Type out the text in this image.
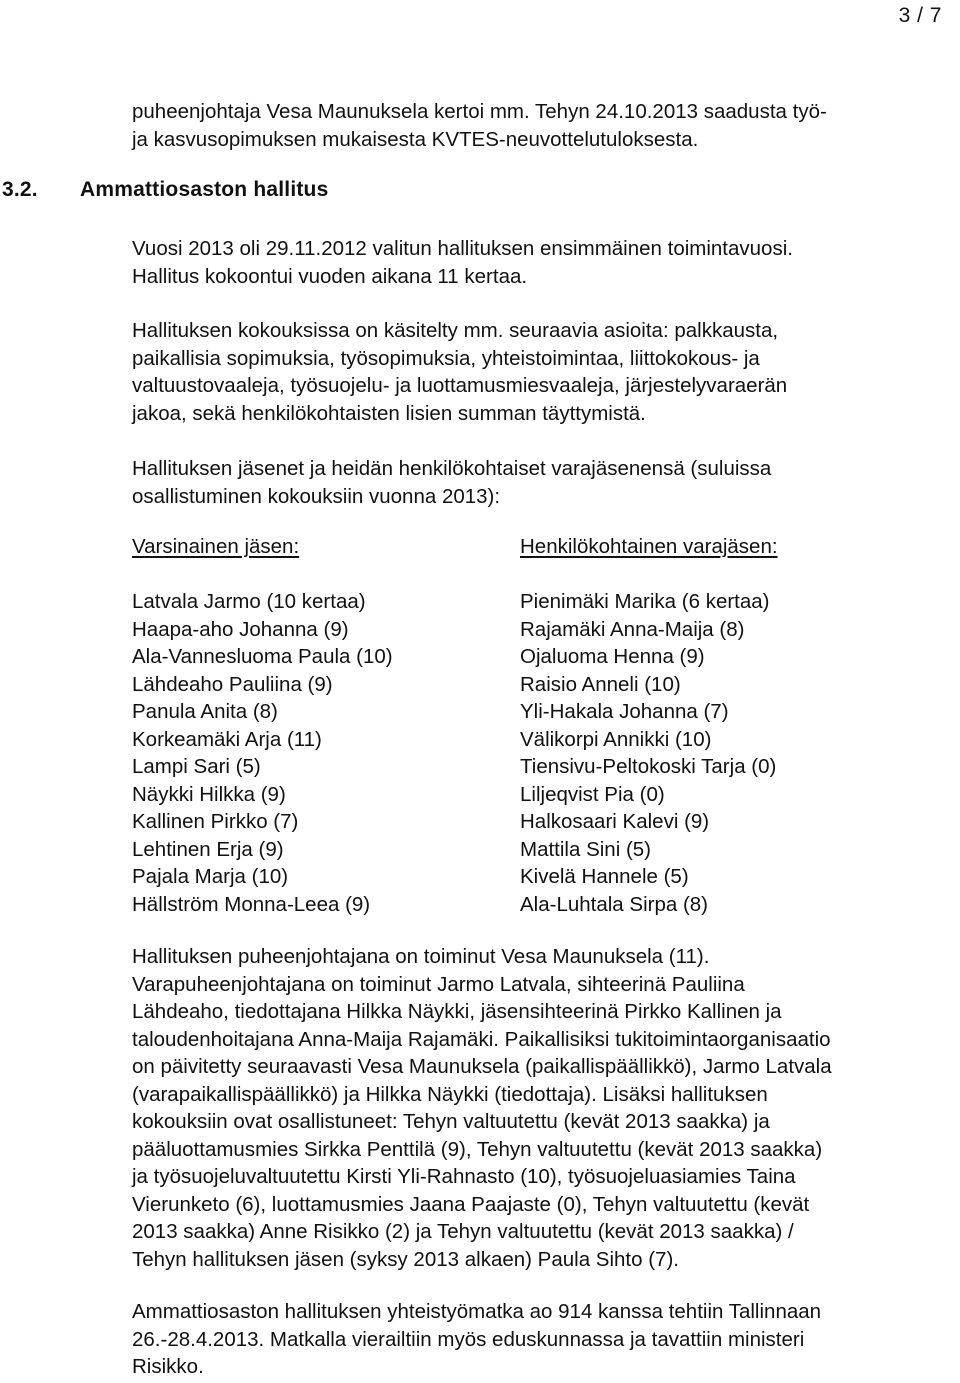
3 / 7

puheenjohtaja Vesa Maunuksela kertoi mm. Tehyn 24.10.2013 saadusta työ-
ja kasvusopimuksen mukaisesta KVTES-neuvottelutuloksesta.

3.2. Ammattiosaston hallitus

Vuosi 2013 oli 29.11.2012 valitun hallituksen ensimmäinen toimintavuosi.
Hallitus kokoontui vuoden aikana 11 kertaa.

Hallituksen kokouksissa on käsitelty mm. seuraavia asioita: palkkausta,
paikallisia sopimuksia, työsopimuksia, yhteistoimintaa, liittokokous- ja
valtuustovaaleja, työsuojelu- ja luottamusmiesvaaleja, järjestelyvaraerän
jakoa, sekä henkilökohtaisten lisien summan täyttymistä.

Hallituksen jäsenet ja heidän henkilökohtaiset varajäsenensä (suluissa
osallistuminen kokouksiin vuonna 2013):

Varsinainen jäsen:
Latvala Jarmo (10 kertaa)
Haapa-aho Johanna (9)
Ala-Vannesluoma Paula (10)
Lähdeaho Pauliina (9)
Panula Anita (8)
Korkeamäki Arja (11)
Lampi Sari (5)
Näykki Hilkka (9)
Kallinen Pirkko (7)
Lehtinen Erja (9)
Pajala Marja (10)
Hällström Monna-Leea (9)
Henkilökohtainen varajäsen:
Pienimäki Marika (6 kertaa)
Rajamäki Anna-Maija (8)
Ojaluoma Henna (9)
Raisio Anneli (10)
Yli-Hakala Johanna (7)
Välikorpi Annikki (10)
Tiensivu-Peltokoski Tarja (0)
Liljeqvist Pia (0)
Halkosaari Kalevi (9)
Mattila Sini (5)
Kivelä Hannele (5)
Ala-Luhtala Sirpa (8)

Hallituksen puheenjohtajana on toiminut Vesa Maunuksela (11).
Varapuheenjohtajana on toiminut Jarmo Latvala, sihteerinä Pauliina
Lähdeaho, tiedottajana Hilkka Näykki, jäsensihteerinä Pirkko Kallinen ja
taloudenhoitajana Anna-Maija Rajamäki. Paikallisiksi tukitoimintaorganisaatio
on päivitetty seuraavasti Vesa Maunuksela (paikallispäällikkö), Jarmo Latvala
(varapaikallispäällikkö) ja Hilkka Näykki (tiedottaja). Lisäksi hallituksen
kokouksiin ovat osallistuneet: Tehyn valtuutettu (kevät 2013 saakka) ja
pääluottamusmies Sirkka Penttilä (9), Tehyn valtuutettu (kevät 2013 saakka)
ja työsuojeluvaltuutettu Kirsti Yli-Rahnasto (10), työsuojeluasiamies Taina
Vierunketo (6), luottamusmies Jaana Paajaste (0), Tehyn valtuutettu (kevät
2013 saakka) Anne Risikko (2) ja Tehyn valtuutettu (kevät 2013 saakka) /
Tehyn hallituksen jäsen (syksy 2013 alkaen) Paula Sihto (7).

Ammattiosaston hallituksen yhteistyömatka ao 914 kanssa tehtiin Tallinnaan
26.-28.4.2013. Matkalla vierailtiin myös eduskunnassa ja tavattiin ministeri
Risikko.
